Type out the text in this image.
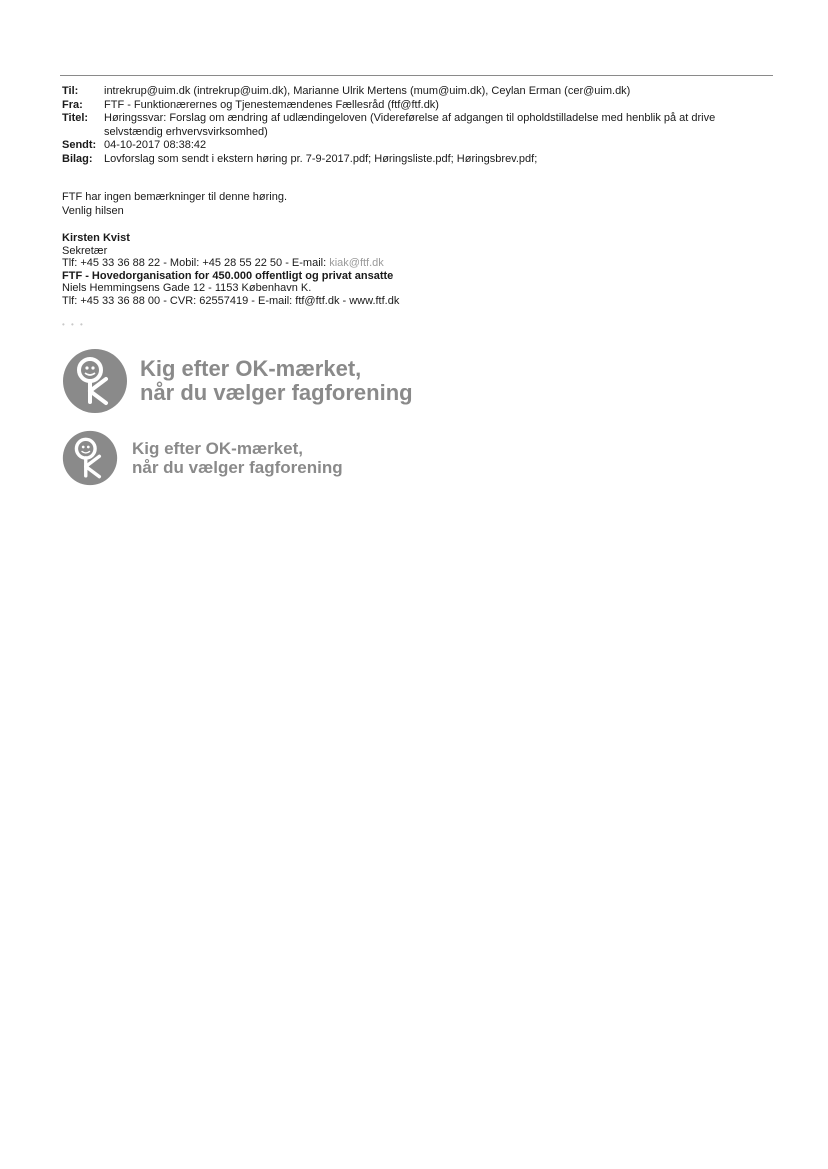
Til:	intrekrup@uim.dk (intrekrup@uim.dk), Marianne Ulrik Mertens (mum@uim.dk), Ceylan Erman (cer@uim.dk)
Fra:	FTF - Funktionærernes og Tjenestemændenes Fællesråd (ftf@ftf.dk)
Titel:	Høringssvar: Forslag om ændring af udlændingeloven (Videreførelse af adgangen til opholdstilladelse med henblik på at drive selvstændig erhvervsvirksomhed)
Sendt: 04-10-2017 08:38:42
Bilag:	Lovforslag som sendt i ekstern høring pr. 7-9-2017.pdf; Høringsliste.pdf; Høringsbrev.pdf;
FTF har ingen bemærkninger til denne høring.
Venlig hilsen
Kirsten Kvist
Sekretær
Tlf: +45 33 36 88 22 - Mobil: +45 28 55 22 50 - E-mail: kiak@ftf.dk
FTF - Hovedorganisation for 450.000 offentligt og privat ansatte
Niels Hemmingsens Gade 12 - 1153 København K.
Tlf: +45 33 36 88 00 - CVR: 62557419 - E-mail: ftf@ftf.dk - www.ftf.dk
• • •
Kig efter OK-mærket,
når du vælger fagforening
Kig efter OK-mærket,
når du vælger fagforening
